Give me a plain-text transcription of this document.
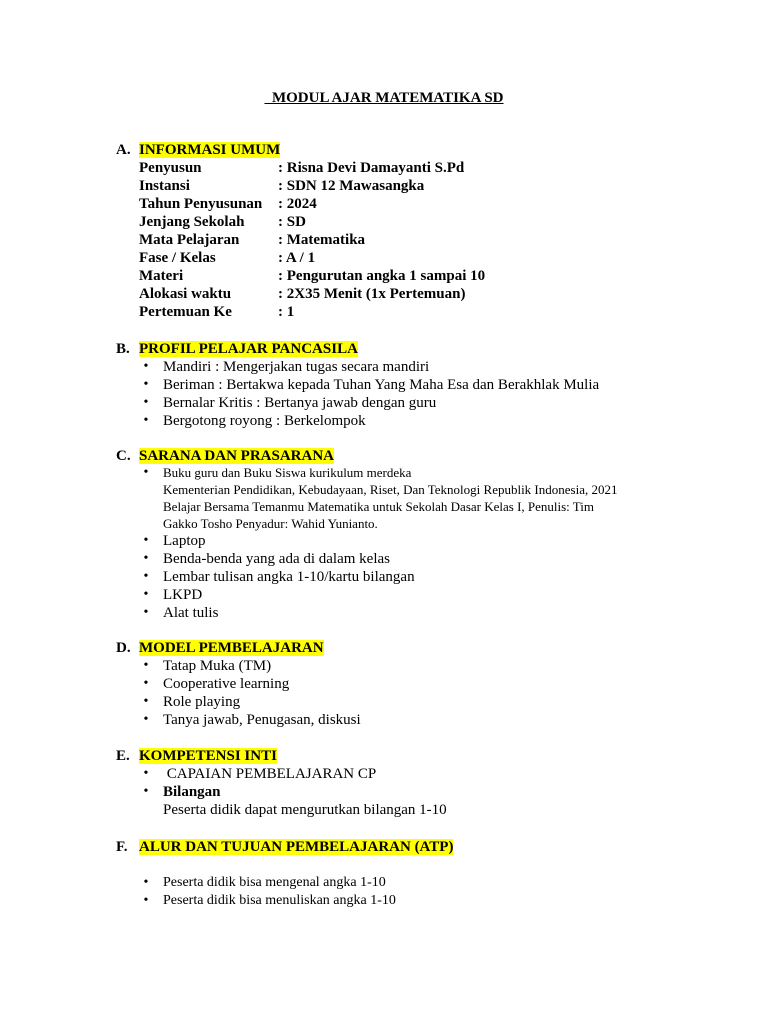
MODUL AJAR MATEMATIKA SD
A. INFORMASI UMUM
Penyusun	: Risna Devi Damayanti S.Pd
Instansi	: SDN 12 Mawasangka
Tahun Penyusunan	: 2024
Jenjang Sekolah	: SD
Mata Pelajaran	: Matematika
Fase / Kelas	: A / 1
Materi	: Pengurutan angka 1 sampai 10
Alokasi waktu	: 2X35 Menit (1x Pertemuan)
Pertemuan Ke	: 1
B. PROFIL PELAJAR PANCASILA
• Mandiri : Mengerjakan tugas secara mandiri
• Beriman : Bertakwa kepada Tuhan Yang Maha Esa dan Berakhlak Mulia
• Bernalar Kritis : Bertanya jawab dengan guru
• Bergotong royong : Berkelompok
C. SARANA DAN PRASARANA
• Buku guru dan Buku Siswa kurikulum merdeka
Kementerian Pendidikan, Kebudayaan, Riset, Dan Teknologi Republik Indonesia, 2021
Belajar Bersama Temanmu Matematika untuk Sekolah Dasar Kelas I, Penulis: Tim
Gakko Tosho Penyadur: Wahid Yunianto.
• Laptop
• Benda-benda yang ada di dalam kelas
• Lembar tulisan angka 1-10/kartu bilangan
• LKPD
• Alat tulis
D. MODEL PEMBELAJARAN
• Tatap Muka (TM)
• Cooperative learning
• Role playing
• Tanya jawab, Penugasan, diskusi
E. KOMPETENSI INTI
• CAPAIAN PEMBELAJARAN CP
• Bilangan
Peserta didik dapat mengurutkan bilangan 1-10
F. ALUR DAN TUJUAN PEMBELAJARAN (ATP)
• Peserta didik bisa mengenal angka 1-10
• Peserta didik bisa menuliskan angka 1-10
